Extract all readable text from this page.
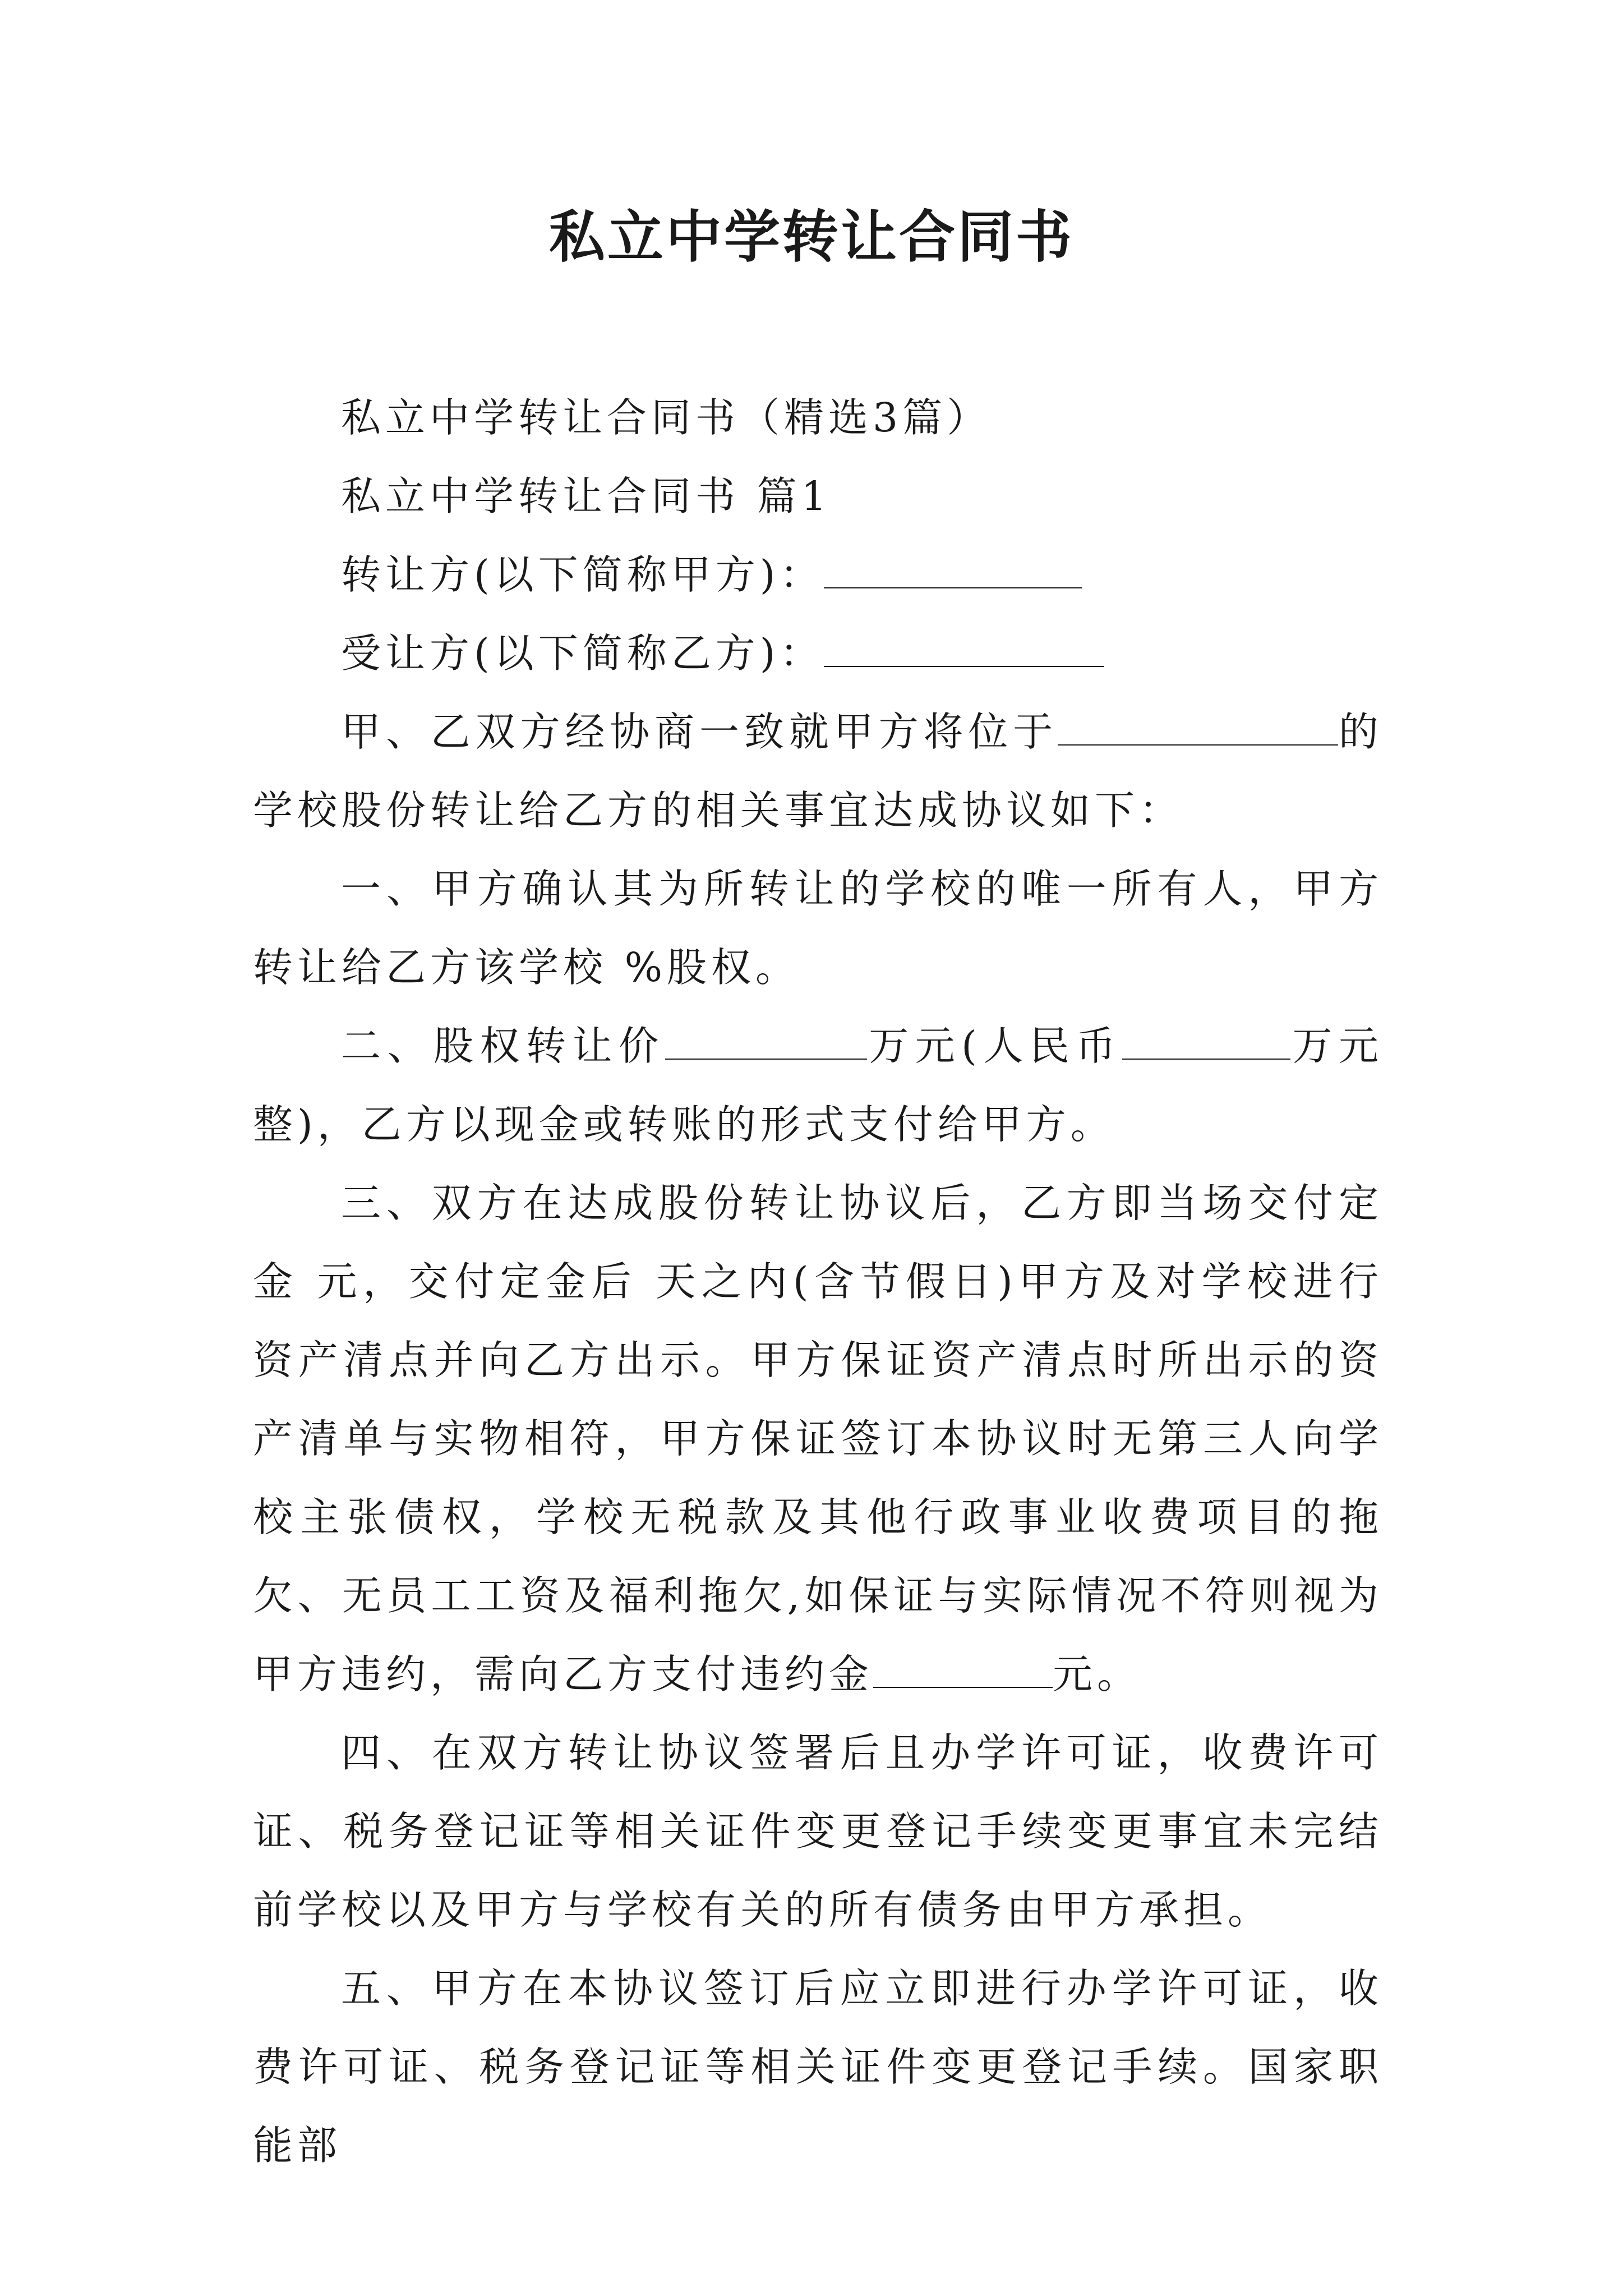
私立中学转让合同书

私立中学转让合同书（精选3篇）

私立中学转让合同书 篇1

转让方(以下简称甲方)：

受让方(以下简称乙方)：

甲、乙双方经协商一致就甲方将位于	的学校股份转让给乙方的相关事宜达成协议如下：

一、甲方确认其为所转让的学校的唯一所有人，甲方转让给乙方该学校 %股权。

二、股权转让价	万元(人民币	万元整)，乙方以现金或转账的形式支付给甲方。

三、双方在达成股份转让协议后，乙方即当场交付定金 元，交付定金后 天之内(含节假日)甲方及对学校进行资产清点并向乙方出示。甲方保证资产清点时所出示的资产清单与实物相符，甲方保证签订本协议时无第三人向学校主张债权，学校无税款及其他行政事业收费项目的拖欠、无员工工资及福利拖欠,如保证与实际情况不符则视为甲方违约，需向乙方支付违约金	元。

四、在双方转让协议签署后且办学许可证，收费许可证、税务登记证等相关证件变更登记手续变更事宜未完结前学校以及甲方与学校有关的所有债务由甲方承担。

五、甲方在本协议签订后应立即进行办学许可证，收费许可证、税务登记证等相关证件变更登记手续。国家职能部
